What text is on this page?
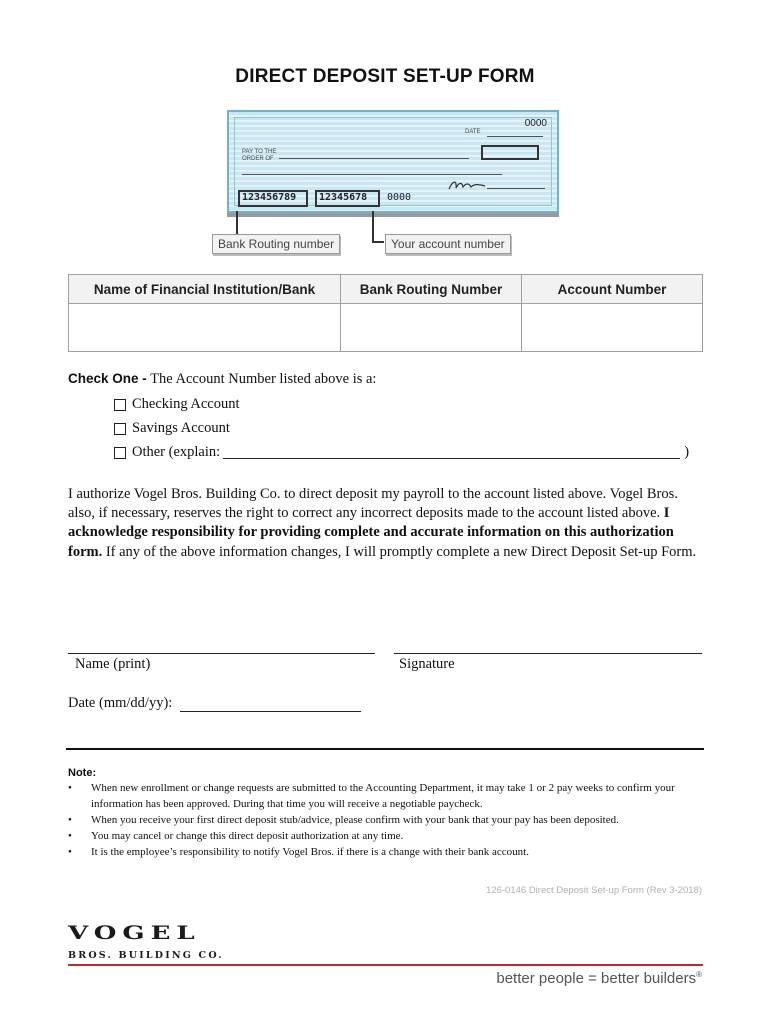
DIRECT DEPOSIT SET-UP FORM
0000
DATE
PAY TO THE
ORDER OF
123456789 12345678 0000
Bank Routing number	Your account number
Name of Financial Institution/Bank	Bank Routing Number	Account Number

Check One - The Account Number listed above is a:
Checking Account
Savings Account
Other (explain:	)
I authorize Vogel Bros. Building Co. to direct deposit my payroll to the account listed above. Vogel Bros. also, if necessary, reserves the right to correct any incorrect deposits made to the account listed above. I acknowledge responsibility for providing complete and accurate information on this authorization form. If any of the above information changes, I will promptly complete a new Direct Deposit Set-up Form.
Name (print)	Signature
Date (mm/dd/yy):
Note:
• When new enrollment or change requests are submitted to the Accounting Department, it may take 1 or 2 pay weeks to confirm your information has been approved. During that time you will receive a negotiable paycheck.
• When you receive your first direct deposit stub/advice, please confirm with your bank that your pay has been deposited.
• You may cancel or change this direct deposit authorization at any time.
• It is the employee’s responsibility to notify Vogel Bros. if there is a change with their bank account.
126-0146 Direct Deposit Set-up Form (Rev 3-2018)
VOGEL
BROS. BUILDING CO.
better people = better builders®
